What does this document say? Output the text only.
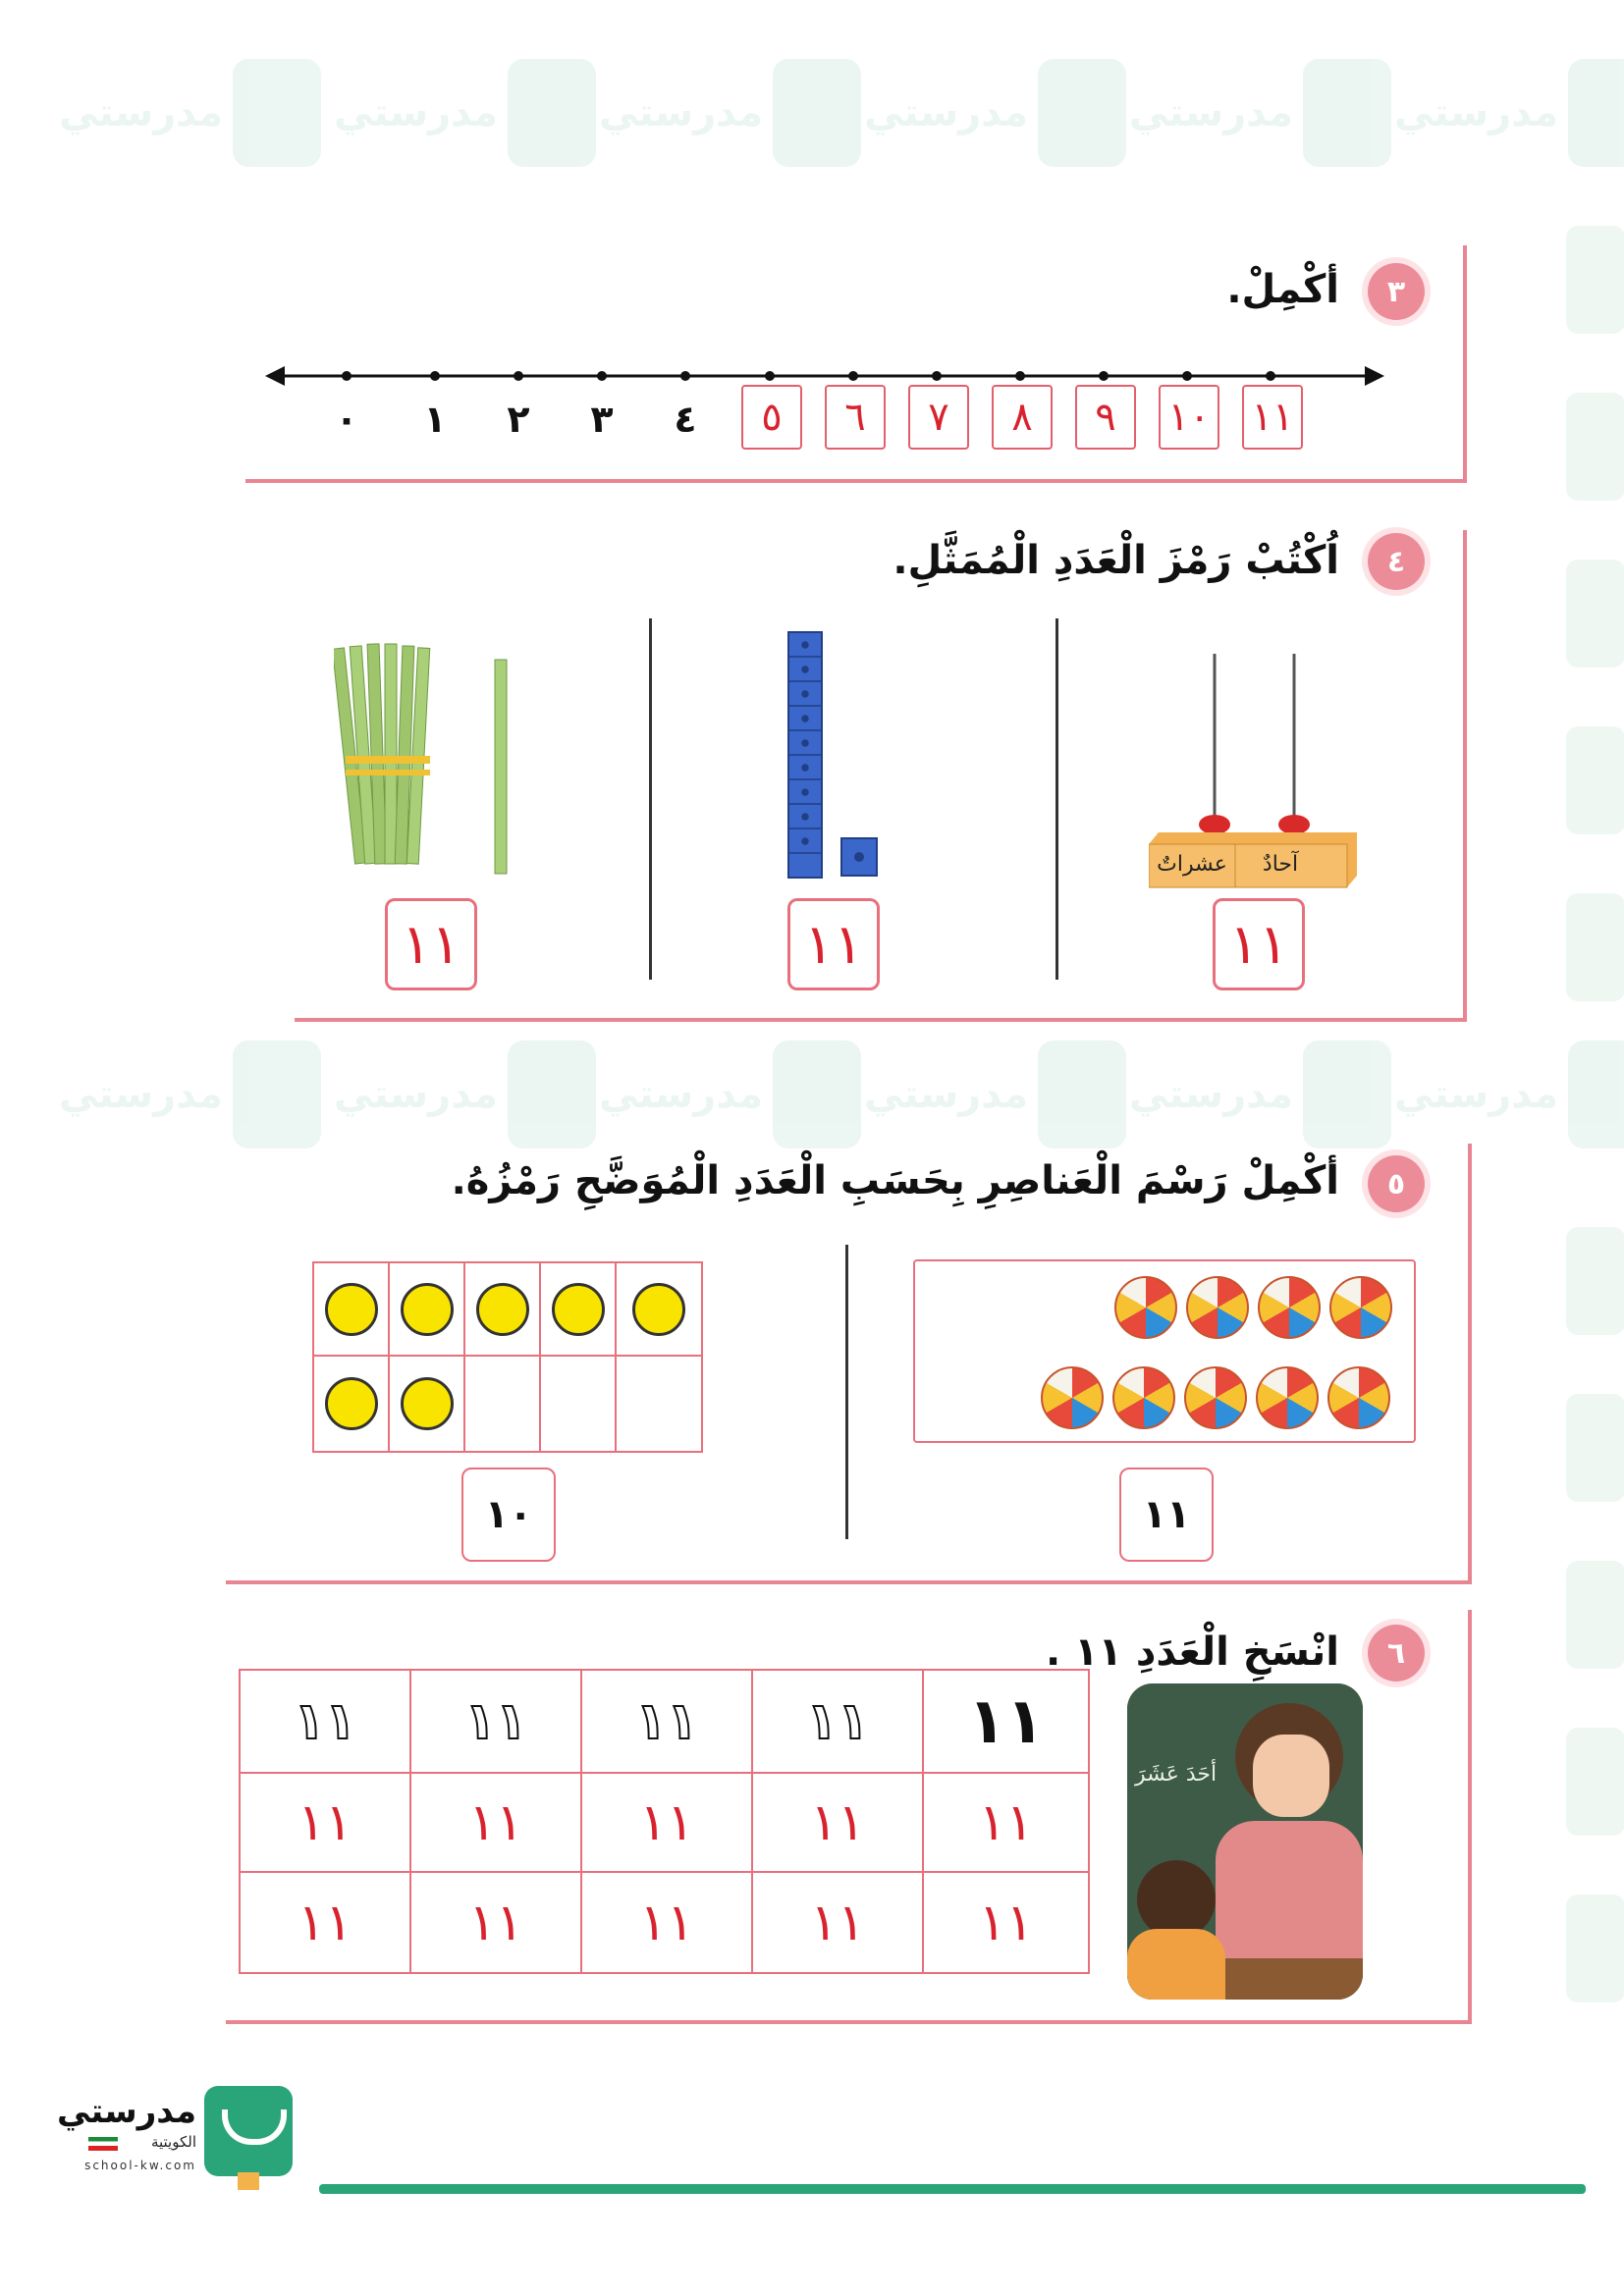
مدرستي	مدرستي	مدرستي	مدرستي	مدرستي	مدرستي
مدرستي	مدرستي	مدرستي	مدرستي	مدرستي	مدرستي
٣
أكْمِلْ.
٠	١	٢	٣	٤	٥	٦	٧	٨	٩	١٠ ١١
٤
اُكْتُبْ رَمْزَ الْعَدَدِ الْمُمَثَّلِ.
١١	١١
آحادٌ
عشراتٌ
١١
٥
أكْمِلْ رَسْمَ الْعَناصِرِ بِحَسَبِ الْعَدَدِ الْمُوَضَّحِ رَمْزُهُ.
١١
١٠
٦
انْسَخِ الْعَدَدِ ١١ .
١١ ١١ ١١ ١١ ١١
١١	١١	١١	١١	١١
١١	١١	١١	١١	١١
أحَدَ عَشَرَ
مدرستي
الكويتية
school-kw.com
